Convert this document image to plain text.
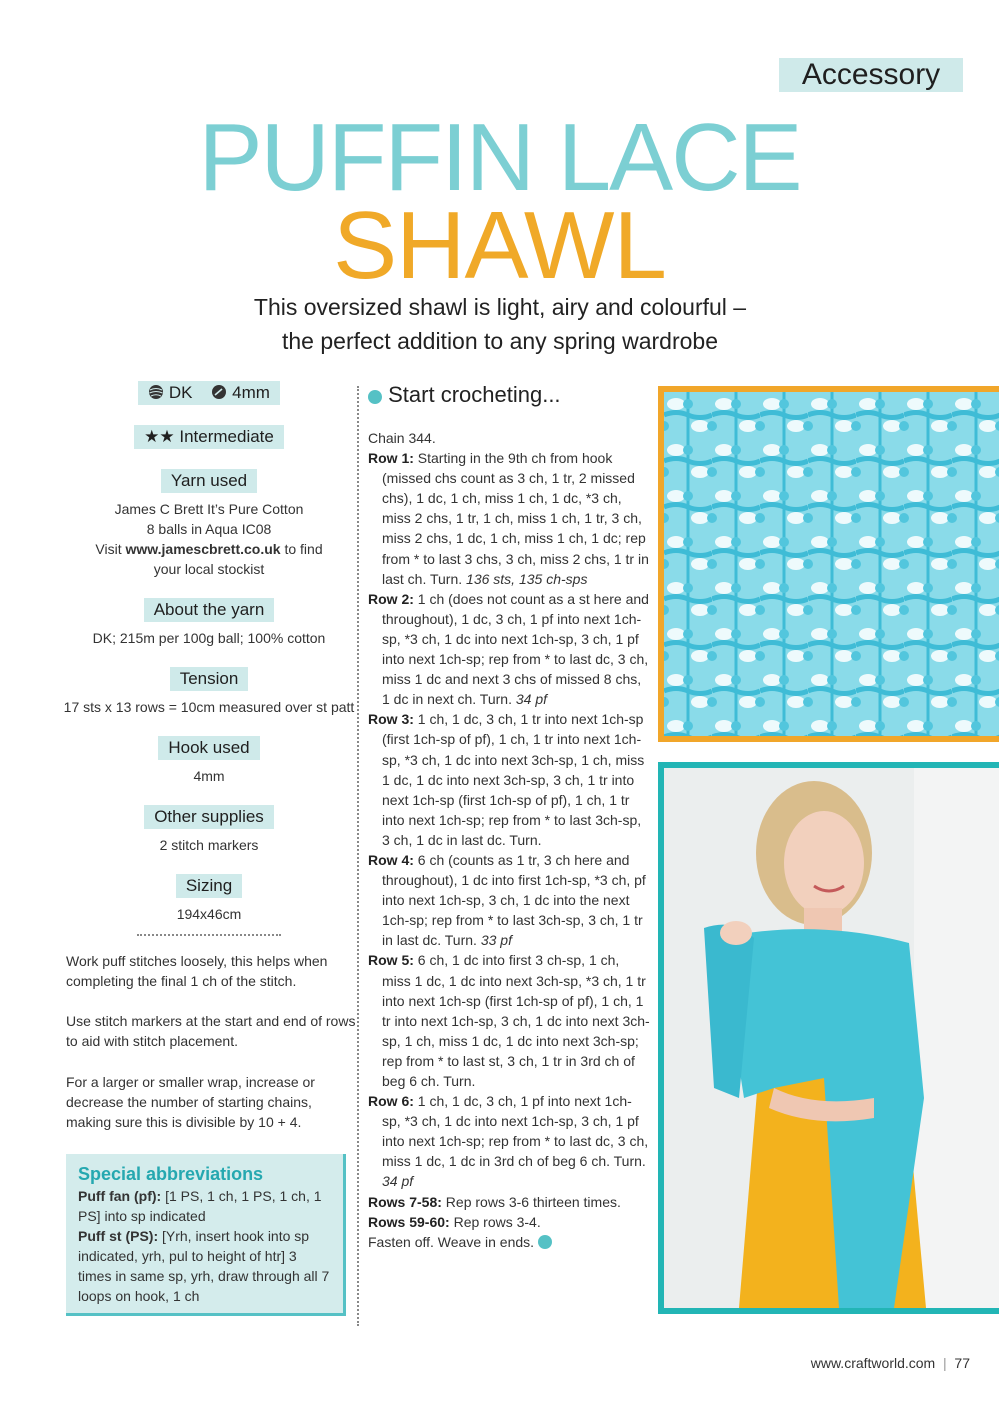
Accessory
PUFFIN LACE
SHAWL
This oversized shawl is light, airy and colourful –
the perfect addition to any spring wardrobe
DK 4mm
★★ Intermediate
Yarn used
James C Brett It’s Pure Cotton
8 balls in Aqua IC08
Visit www.jamescbrett.co.uk to find
your local stockist
About the yarn
DK; 215m per 100g ball; 100% cotton
Tension
17 sts x 13 rows = 10cm measured over st patt
Hook used
4mm
Other supplies
2 stitch markers
Sizing
194x46cm
Work puff stitches loosely, this helps when completing the final 1 ch of the stitch.
Use stitch markers at the start and end of rows to aid with stitch placement.
For a larger or smaller wrap, increase or decrease the number of starting chains, making sure this is divisible by 10 + 4.
Special abbreviations
Puff fan (pf): [1 PS, 1 ch, 1 PS, 1 ch, 1 PS] into sp indicated
Puff st (PS): [Yrh, insert hook into sp indicated, yrh, pul to height of htr] 3 times in same sp, yrh, draw through all 7 loops on hook, 1 ch
Start crocheting...

Chain 344.

Row 1: Starting in the 9th ch from hook (missed chs count as 3 ch, 1 tr, 2 missed chs), 1 dc, 1 ch, miss 1 ch, 1 dc, *3 ch, miss 2 chs, 1 tr, 1 ch, miss 1 ch, 1 tr, 3 ch, miss 2 chs, 1 dc, 1 ch, miss 1 ch, 1 dc; rep from * to last 3 chs, 3 ch, miss 2 chs, 1 tr in last ch. Turn. 136 sts, 135 ch-sps

Row 2: 1 ch (does not count as a st here and throughout), 1 dc, 3 ch, 1 pf into next 1ch-sp, *3 ch, 1 dc into next 1ch-sp, 3 ch, 1 pf into next 1ch-sp; rep from * to last dc, 3 ch, miss 1 dc and next 3 chs of missed 8 chs, 1 dc in next ch. Turn. 34 pf

Row 3: 1 ch, 1 dc, 3 ch, 1 tr into next 1ch-sp (first 1ch-sp of pf), 1 ch, 1 tr into next 1ch-sp, *3 ch, 1 dc into next 3ch-sp, 1 ch, miss 1 dc, 1 dc into next 3ch-sp, 3 ch, 1 tr into next 1ch-sp (first 1ch-sp of pf), 1 ch, 1 tr into next 1ch-sp; rep from * to last 3ch-sp, 3 ch, 1 dc in last dc. Turn.

Row 4: 6 ch (counts as 1 tr, 3 ch here and throughout), 1 dc into first 1ch-sp, *3 ch, pf into next 1ch-sp, 3 ch, 1 dc into the next 1ch-sp; rep from * to last 3ch-sp, 3 ch, 1 tr in last dc. Turn. 33 pf

Row 5: 6 ch, 1 dc into first 3 ch-sp, 1 ch, miss 1 dc, 1 dc into next 3ch-sp, *3 ch, 1 tr into next 1ch-sp (first 1ch-sp of pf), 1 ch, 1 tr into next 1ch-sp, 3 ch, 1 dc into next 3ch-sp, 1 ch, miss 1 dc, 1 dc into next 3ch-sp; rep from * to last st, 3 ch, 1 tr in 3rd ch of beg 6 ch. Turn.

Row 6: 1 ch, 1 dc, 3 ch, 1 pf into next 1ch-sp, *3 ch, 1 dc into next 1ch-sp, 3 ch, 1 pf into next 1ch-sp; rep from * to last dc, 3 ch, miss 1 dc, 1 dc in 3rd ch of beg 6 ch. Turn. 34 pf

Rows 7-58: Rep rows 3-6 thirteen times.

Rows 59-60: Rep rows 3-4.

Fasten off. Weave in ends.

www.craftworld.com  |  77
